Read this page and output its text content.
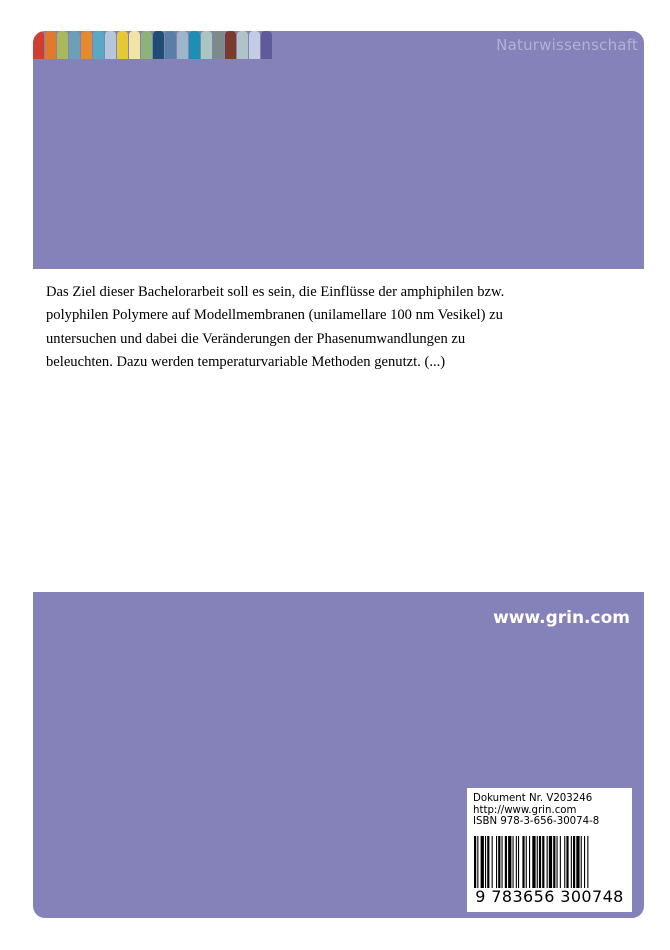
Naturwissenschaft
Das Ziel dieser Bachelorarbeit soll es sein, die Einflüsse der amphiphilen bzw.
polyphilen Polymere auf Modellmembranen (unilamellare 100 nm Vesikel) zu
untersuchen und dabei die Veränderungen der Phasenumwandlungen zu
beleuchten. Dazu werden temperaturvariable Methoden genutzt. (...)
www.grin.com
Dokument Nr. V203246
http://www.grin.com
ISBN 978-3-656-30074-8
9 783656 300748
